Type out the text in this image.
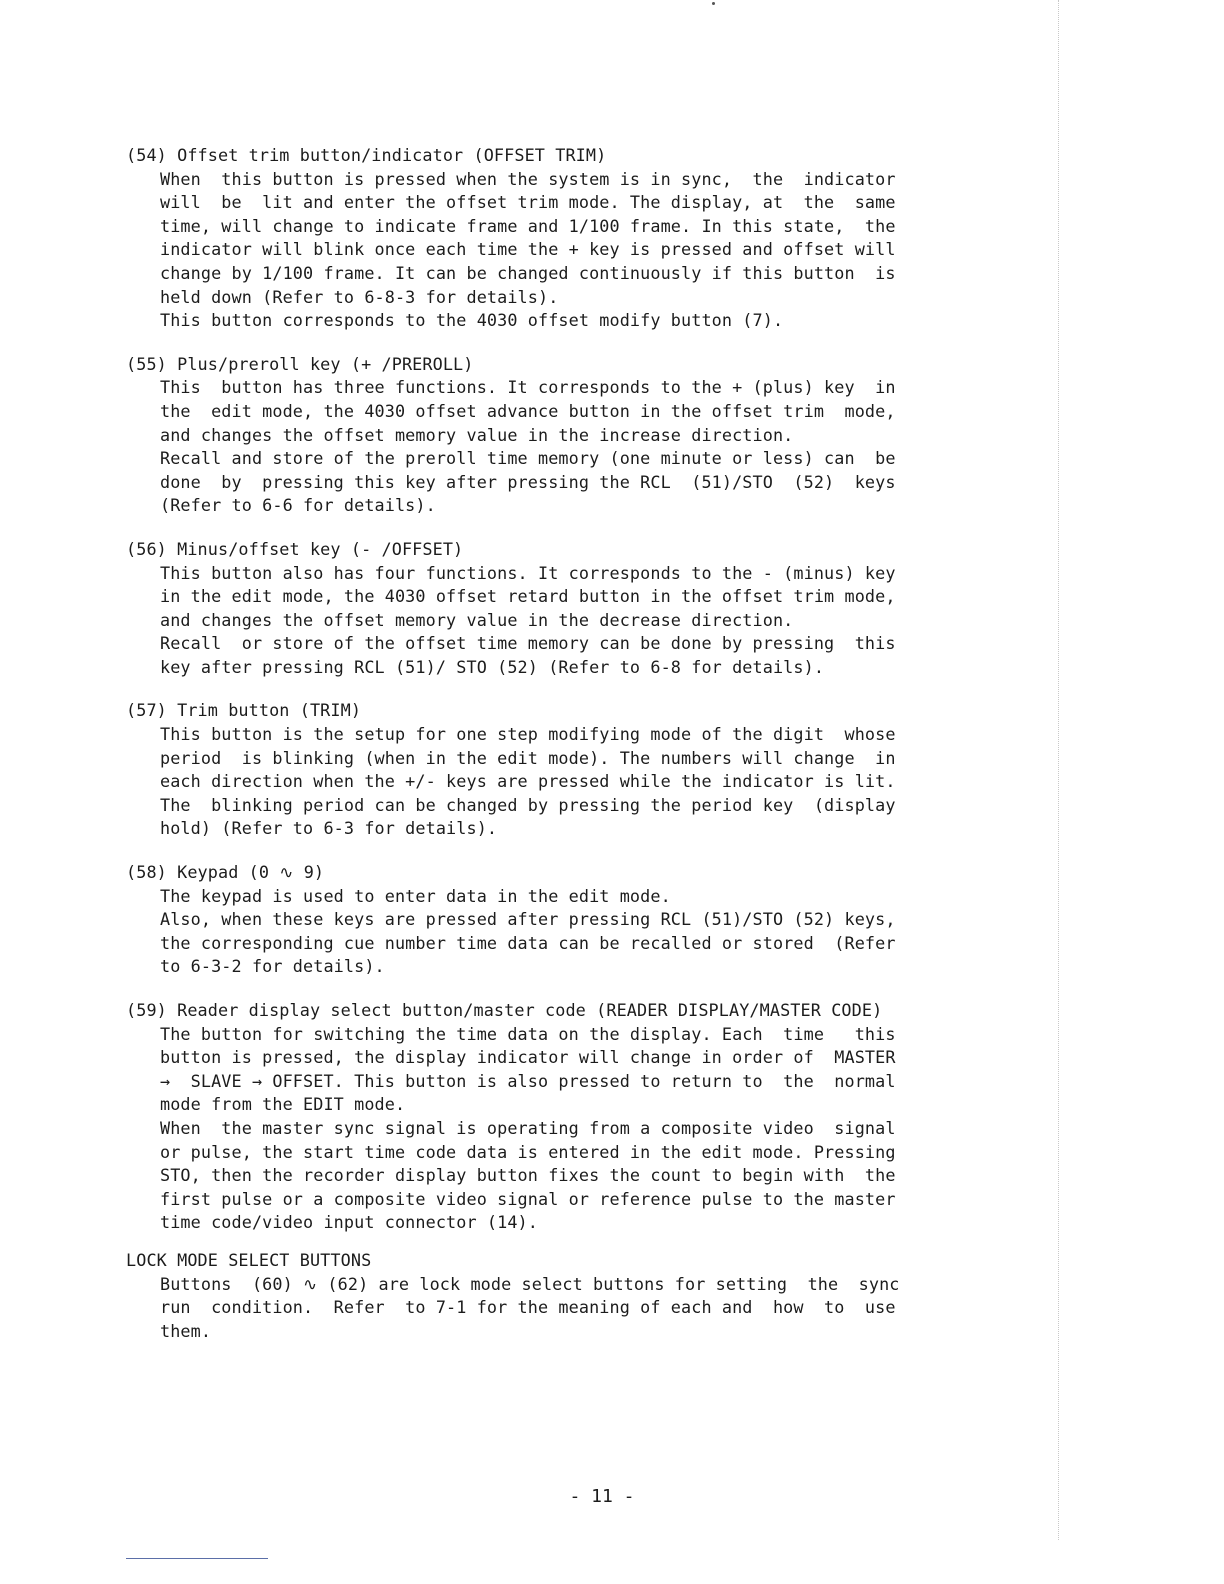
(54) Offset trim button/indicator (OFFSET TRIM)
When  this button is pressed when the system is in sync,  the  indicator
will  be  lit and enter the offset trim mode. The display, at  the  same
time, will change to indicate frame and 1/100 frame. In this state,  the
indicator will blink once each time the + key is pressed and offset will
change by 1/100 frame. It can be changed continuously if this button  is
held down (Refer to 6-8-3 for details).
This button corresponds to the 4030 offset modify button (7).
(55) Plus/preroll key (+ /PREROLL)
This  button has three functions. It corresponds to the + (plus) key  in
the  edit mode, the 4030 offset advance button in the offset trim  mode,
and changes the offset memory value in the increase direction.
Recall and store of the preroll time memory (one minute or less) can  be
done  by  pressing this key after pressing the RCL  (51)/STO  (52)  keys
(Refer to 6-6 for details).
(56) Minus/offset key (- /OFFSET)
This button also has four functions. It corresponds to the - (minus) key
in the edit mode, the 4030 offset retard button in the offset trim mode,
and changes the offset memory value in the decrease direction.
Recall  or store of the offset time memory can be done by pressing  this
key after pressing RCL (51)/ STO (52) (Refer to 6-8 for details).
(57) Trim button (TRIM)
This button is the setup for one step modifying mode of the digit  whose
period  is blinking (when in the edit mode). The numbers will change  in
each direction when the +/- keys are pressed while the indicator is lit.
The  blinking period can be changed by pressing the period key  (display
hold) (Refer to 6-3 for details).
(58) Keypad (0 ∿ 9)
The keypad is used to enter data in the edit mode.
Also, when these keys are pressed after pressing RCL (51)/STO (52) keys,
the corresponding cue number time data can be recalled or stored  (Refer
to 6-3-2 for details).
(59) Reader display select button/master code (READER DISPLAY/MASTER CODE)
The button for switching the time data on the display. Each  time   this
button is pressed, the display indicator will change in order of  MASTER
→  SLAVE → OFFSET. This button is also pressed to return to  the  normal
mode from the EDIT mode.
When  the master sync signal is operating from a composite video  signal
or pulse, the start time code data is entered in the edit mode. Pressing
STO, then the recorder display button fixes the count to begin with  the
first pulse or a composite video signal or reference pulse to the master
time code/video input connector (14).
LOCK MODE SELECT BUTTONS
Buttons  (60) ∿ (62) are lock mode select buttons for setting  the  sync
run  condition.  Refer  to 7-1 for the meaning of each and  how  to  use
them.
- 11 -
